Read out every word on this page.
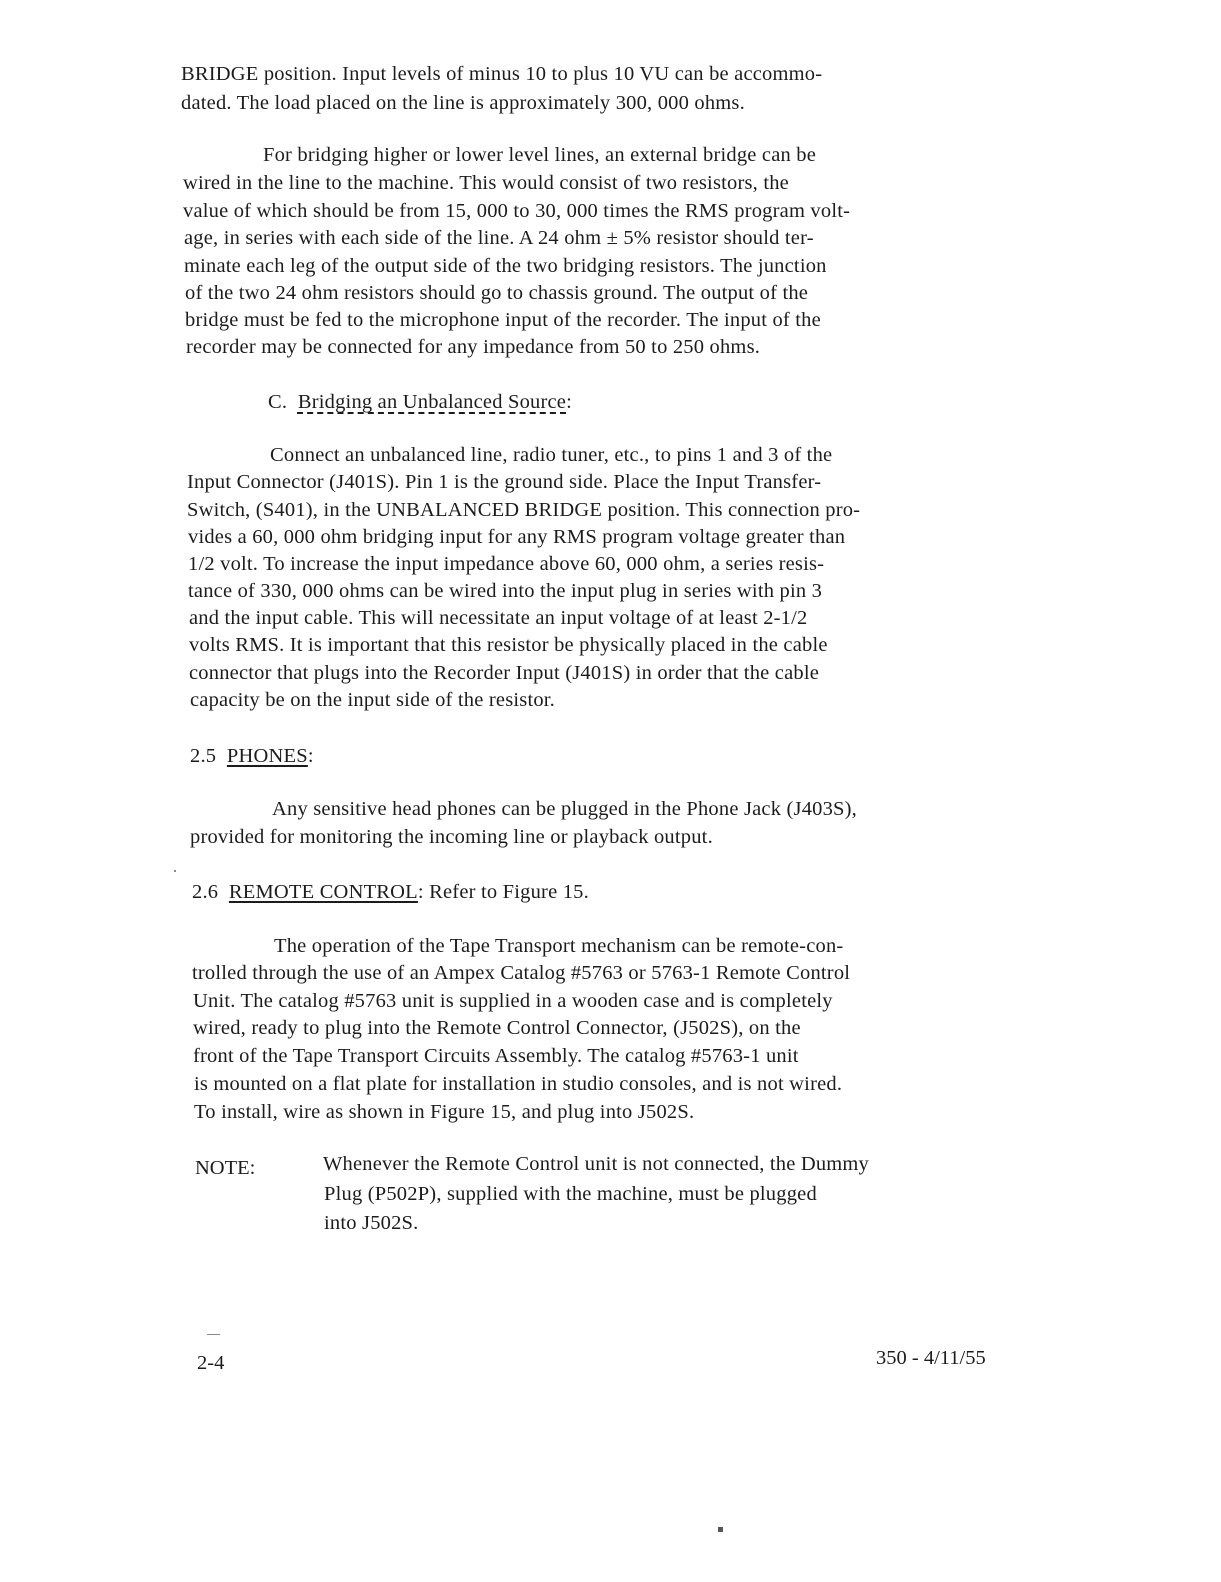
BRIDGE position. Input levels of minus 10 to plus 10 VU can be accommo-
dated. The load placed on the line is approximately 300, 000 ohms.
For bridging higher or lower level lines, an external bridge can be
wired in the line to the machine. This would consist of two resistors, the
value of which should be from 15, 000 to 30, 000 times the RMS program volt-
age, in series with each side of the line. A 24 ohm ± 5% resistor should ter-
minate each leg of the output side of the two bridging resistors. The junction
of the two 24 ohm resistors should go to chassis ground. The output of the
bridge must be fed to the microphone input of the recorder. The input of the
recorder may be connected for any impedance from 50 to 250 ohms.
C. Bridging an Unbalanced Source:
Connect an unbalanced line, radio tuner, etc., to pins 1 and 3 of the
Input Connector (J401S). Pin 1 is the ground side. Place the Input Transfer-
Switch, (S401), in the UNBALANCED BRIDGE position. This connection pro-
vides a 60, 000 ohm bridging input for any RMS program voltage greater than
1/2 volt. To increase the input impedance above 60, 000 ohm, a series resis-
tance of 330, 000 ohms can be wired into the input plug in series with pin 3
and the input cable. This will necessitate an input voltage of at least 2-1/2
volts RMS. It is important that this resistor be physically placed in the cable
connector that plugs into the Recorder Input (J401S) in order that the cable
capacity be on the input side of the resistor.
2.5 PHONES:
Any sensitive head phones can be plugged in the Phone Jack (J403S),
provided for monitoring the incoming line or playback output.
2.6 REMOTE CONTROL: Refer to Figure 15.
The operation of the Tape Transport mechanism can be remote-con-
trolled through the use of an Ampex Catalog #5763 or 5763-1 Remote Control
Unit. The catalog #5763 unit is supplied in a wooden case and is completely
wired, ready to plug into the Remote Control Connector, (J502S), on the
front of the Tape Transport Circuits Assembly. The catalog #5763-1 unit
is mounted on a flat plate for installation in studio consoles, and is not wired.
To install, wire as shown in Figure 15, and plug into J502S.
NOTE:	Whenever the Remote Control unit is not connected, the Dummy
Plug (P502P), supplied with the machine, must be plugged
into J502S.
2-4	350 - 4/11/55
